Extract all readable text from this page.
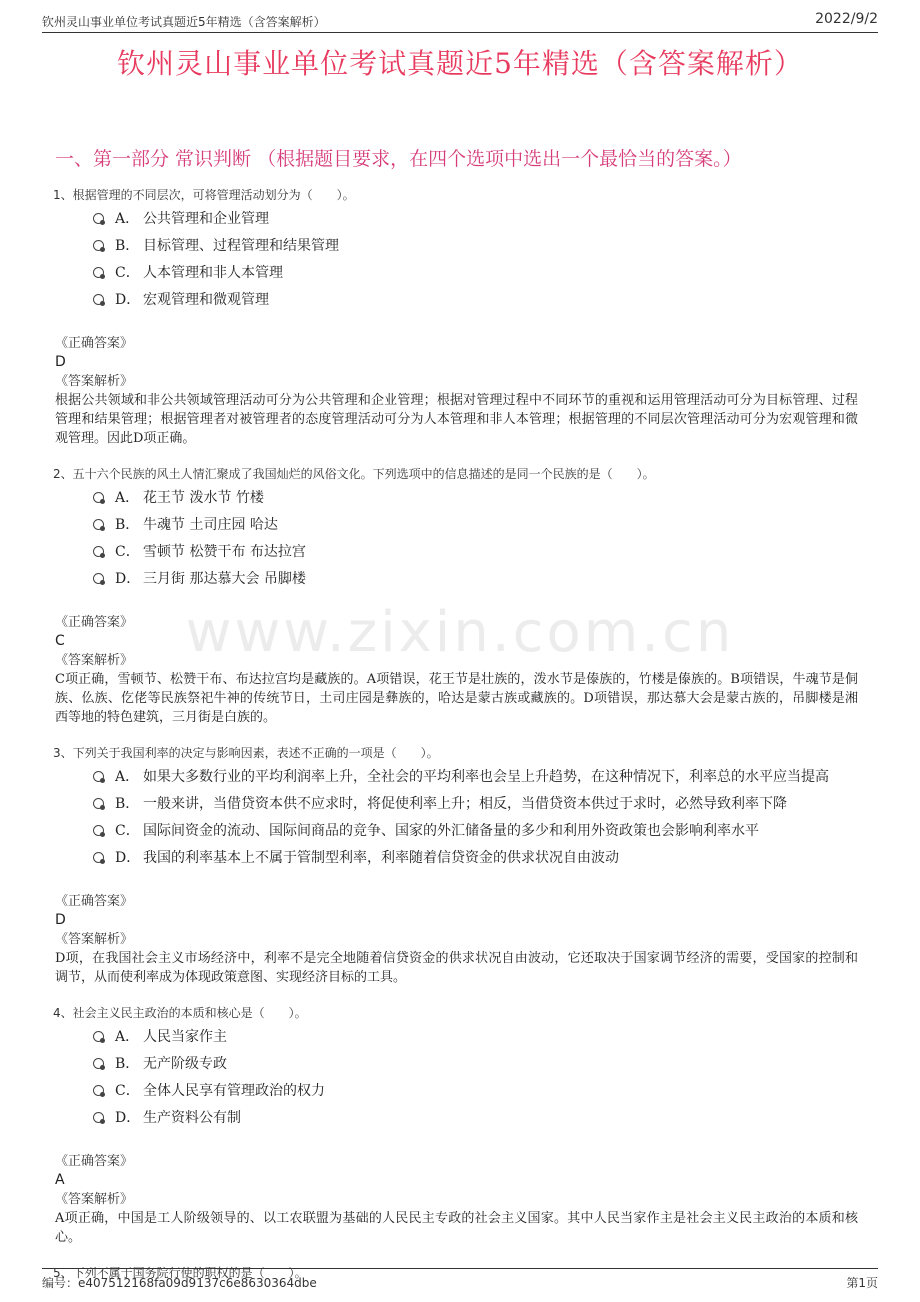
钦州灵山事业单位考试真题近5年精选（含答案解析）	2022/9/2
钦州灵山事业单位考试真题近5年精选（含答案解析）
一、第一部分 常识判断 （根据题目要求，在四个选项中选出一个最恰当的答案。）
www.zixin.com.cn
1、根据管理的不同层次，可将管理活动划分为（　　）。
A． 公共管理和企业管理
B． 目标管理、过程管理和结果管理
C． 人本管理和非人本管理
D． 宏观管理和微观管理
《正确答案》
D
《答案解析》
根据公共领域和非公共领域管理活动可分为公共管理和企业管理；根据对管理过程中不同环节的重视和运用管理活动可分为目标管理、过程管理和结果管理；根据管理者对被管理者的态度管理活动可分为人本管理和非人本管理；根据管理的不同层次管理活动可分为宏观管理和微观管理。因此D项正确。
2、五十六个民族的风土人情汇聚成了我国灿烂的风俗文化。下列选项中的信息描述的是同一个民族的是（　　）。
A． 花王节 泼水节 竹楼
B． 牛魂节 土司庄园 哈达
C． 雪顿节 松赞干布 布达拉宫
D． 三月街 那达慕大会 吊脚楼
《正确答案》
C
《答案解析》
C项正确，雪顿节、松赞干布、布达拉宫均是藏族的。A项错误，花王节是壮族的，泼水节是傣族的，竹楼是傣族的。B项错误，牛魂节是侗族、仫族、仡佬等民族祭祀牛神的传统节日，土司庄园是彝族的，哈达是蒙古族或藏族的。D项错误，那达慕大会是蒙古族的，吊脚楼是湘西等地的特色建筑，三月街是白族的。
3、下列关于我国利率的决定与影响因素，表述不正确的一项是（　　）。
A． 如果大多数行业的平均利润率上升，全社会的平均利率也会呈上升趋势，在这种情况下，利率总的水平应当提高
B． 一般来讲，当借贷资本供不应求时，将促使利率上升；相反，当借贷资本供过于求时，必然导致利率下降
C． 国际间资金的流动、国际间商品的竞争、国家的外汇储备量的多少和利用外资政策也会影响利率水平
D． 我国的利率基本上不属于管制型利率，利率随着信贷资金的供求状况自由波动
《正确答案》
D
《答案解析》
D项，在我国社会主义市场经济中，利率不是完全地随着信贷资金的供求状况自由波动，它还取决于国家调节经济的需要，受国家的控制和调节，从而使利率成为体现政策意图、实现经济目标的工具。
4、社会主义民主政治的本质和核心是（　　）。
A． 人民当家作主
B． 无产阶级专政
C． 全体人民享有管理政治的权力
D． 生产资料公有制
《正确答案》
A
《答案解析》
A项正确，中国是工人阶级领导的、以工农联盟为基础的人民民主专政的社会主义国家。其中人民当家作主是社会主义民主政治的本质和核心。
5、下列不属于国务院行使的职权的是（　　）。
编号：e407512168fa09d9137c6e8630364dbe	第1页
